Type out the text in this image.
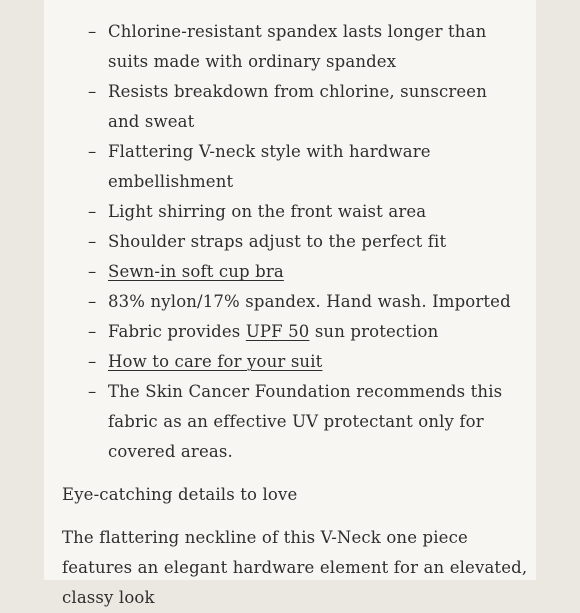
– Chlorine-resistant spandex lasts longer than suits made with ordinary spandex
– Resists breakdown from chlorine, sunscreen and sweat
– Flattering V-neck style with hardware embellishment
– Light shirring on the front waist area
– Shoulder straps adjust to the perfect fit
– Sewn-in soft cup bra
– 83% nylon/17% spandex. Hand wash. Imported
– Fabric provides UPF 50 sun protection
– How to care for your suit
– The Skin Cancer Foundation recommends this fabric as an effective UV protectant only for covered areas.

Eye-catching details to love

The flattering neckline of this V-Neck one piece features an elegant hardware element for an elevated, classy look
